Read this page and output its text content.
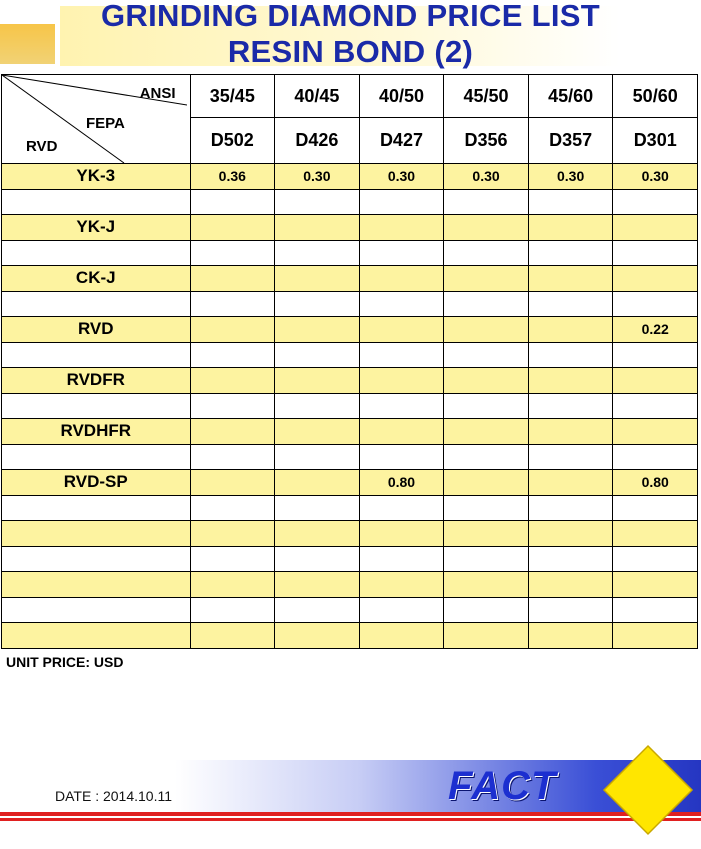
GRINDING DIAMOND PRICE LIST
RESIN BOND (2)
ANSI
FEPA
RVD	35/45	40/45	40/50	45/50	45/60	50/60
	D502	D426	D427	D356	D357	D301
YK-3	0.36	0.30	0.30	0.30	0.30	0.30

YK-J						

CK-J						

RVD						0.22

RVDFR						

RVDHFR						

RVD-SP			0.80			0.80

UNIT PRICE: USD
DATE : 2014.10.11	FACT
